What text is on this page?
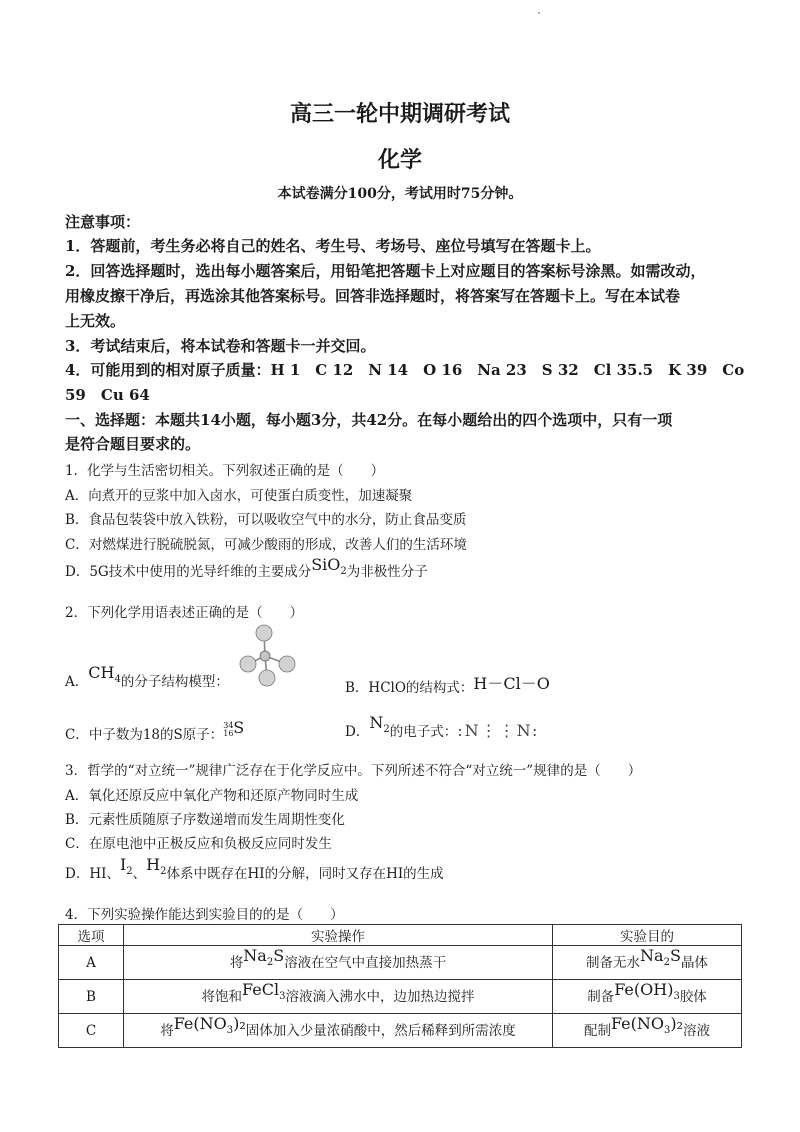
高三一轮中期调研考试
化学
本试卷满分100分，考试用时75分钟。
注意事项：
1．答题前，考生务必将自己的姓名、考生号、考场号、座位号填写在答题卡上。
2．回答选择题时，选出每小题答案后，用铅笔把答题卡上对应题目的答案标号涂黑。如需改动，
用橡皮擦干净后，再选涂其他答案标号。回答非选择题时，将答案写在答题卡上。写在本试卷
上无效。
3．考试结束后，将本试卷和答题卡一并交回。
4．可能用到的相对原子质量：H 1　C 12　N 14　O 16　Na 23　S 32　Cl 35.5　K 39　Co
59　Cu 64
一、选择题：本题共14小题，每小题3分，共42分。在每小题给出的四个选项中，只有一项
是符合题目要求的。
1．化学与生活密切相关。下列叙述正确的是（　　）
A．向煮开的豆浆中加入卤水，可使蛋白质变性，加速凝聚
B．食品包装袋中放入铁粉，可以吸收空气中的水分，防止食品变质
C．对燃煤进行脱硫脱氮，可减少酸雨的形成，改善人们的生活环境
D．5G技术中使用的光导纤维的主要成分SiO$_2$为非极性分子
2．下列化学用语表述正确的是（　　）
A．$CH_4$的分子结构模型：	B．HClO的结构式：H－Cl－O
C．中子数为18的S原子：
34
16 S	D．$N_2$的电子式：:N⋮⋮N:
3．哲学的“对立统一”规律广泛存在于化学反应中。下列所述不符合“对立统一”规律的是（　　）
A．氧化还原反应中氧化产物和还原产物同时生成
B．元素性质随原子序数递增而发生周期性变化
C．在原电池中正极反应和负极反应同时发生
D．HI、$I_2$、$H_2$体系中既存在HI的分解，同时又存在HI的生成
4．下列实验操作能达到实验目的的是（　　）
选项	实验操作	实验目的
A	将$Na_2S$溶液在空气中直接加热蒸干	制备无水$Na_2S$晶体
B	将饱和FeCl$_3$溶液滴入沸水中，边加热边搅拌	制备$Fe(OH)_3$胶体
C	将$Fe(NO_3)_2$固体加入少量浓硝酸中，然后稀释到所需浓度	配制$Fe(NO_3)_2$溶液
